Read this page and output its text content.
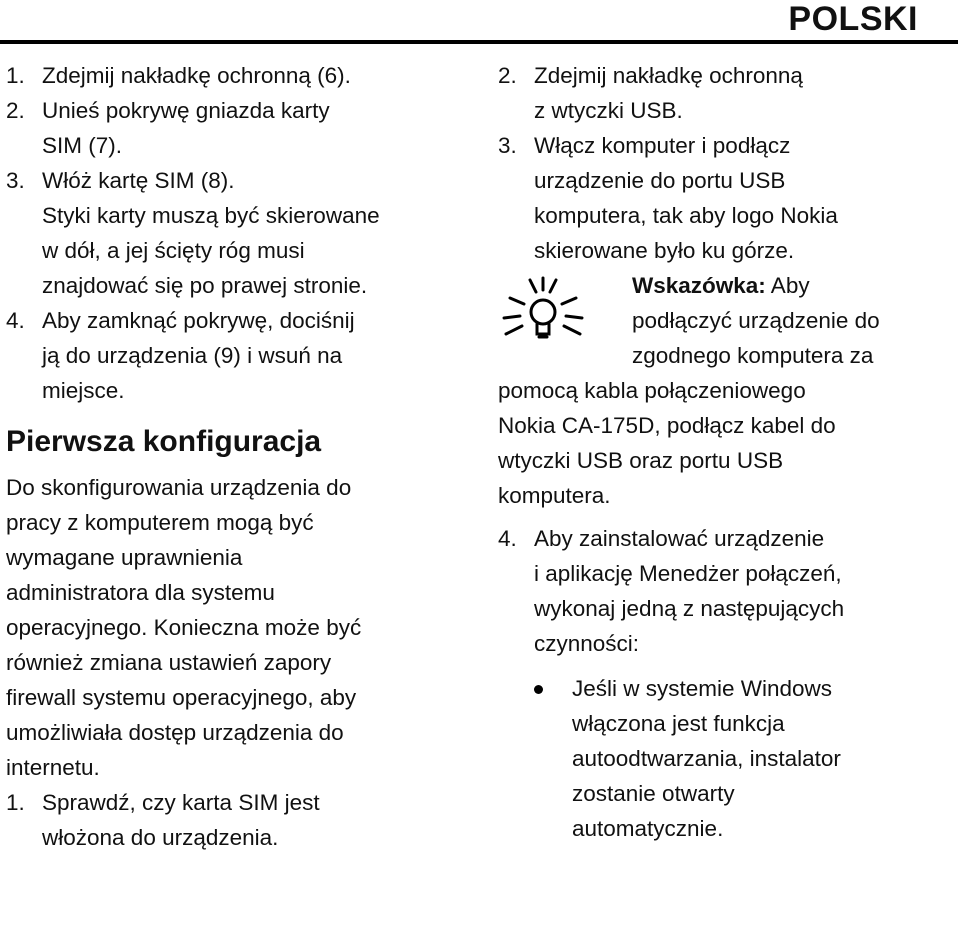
POLSKI
1. Zdejmij nakładkę ochronną (6).
2. Unieś pokrywę gniazda karty
SIM (7).
3. Włóż kartę SIM (8).
Styki karty muszą być skierowane
w dół, a jej ścięty róg musi
znajdować się po prawej stronie.
4. Aby zamknąć pokrywę, dociśnij
ją do urządzenia (9) i wsuń na
miejsce.
Pierwsza konfiguracja
Do skonfigurowania urządzenia do
pracy z komputerem mogą być
wymagane uprawnienia
administratora dla systemu
operacyjnego. Konieczna może być
również zmiana ustawień zapory
firewall systemu operacyjnego, aby
umożliwiała dostęp urządzenia do
internetu.
1. Sprawdź, czy karta SIM jest
włożona do urządzenia.
2. Zdejmij nakładkę ochronną
z wtyczki USB.
3. Włącz komputer i podłącz
urządzenie do portu USB
komputera, tak aby logo Nokia
skierowane było ku górze.
Wskazówka: Aby
podłączyć urządzenie do
zgodnego komputera za
pomocą kabla połączeniowego
Nokia CA-175D, podłącz kabel do
wtyczki USB oraz portu USB
komputera.
4. Aby zainstalować urządzenie
i aplikację Menedżer połączeń,
wykonaj jedną z następujących
czynności:
Jeśli w systemie Windows
włączona jest funkcja
autoodtwarzania, instalator
zostanie otwarty
automatycznie.
